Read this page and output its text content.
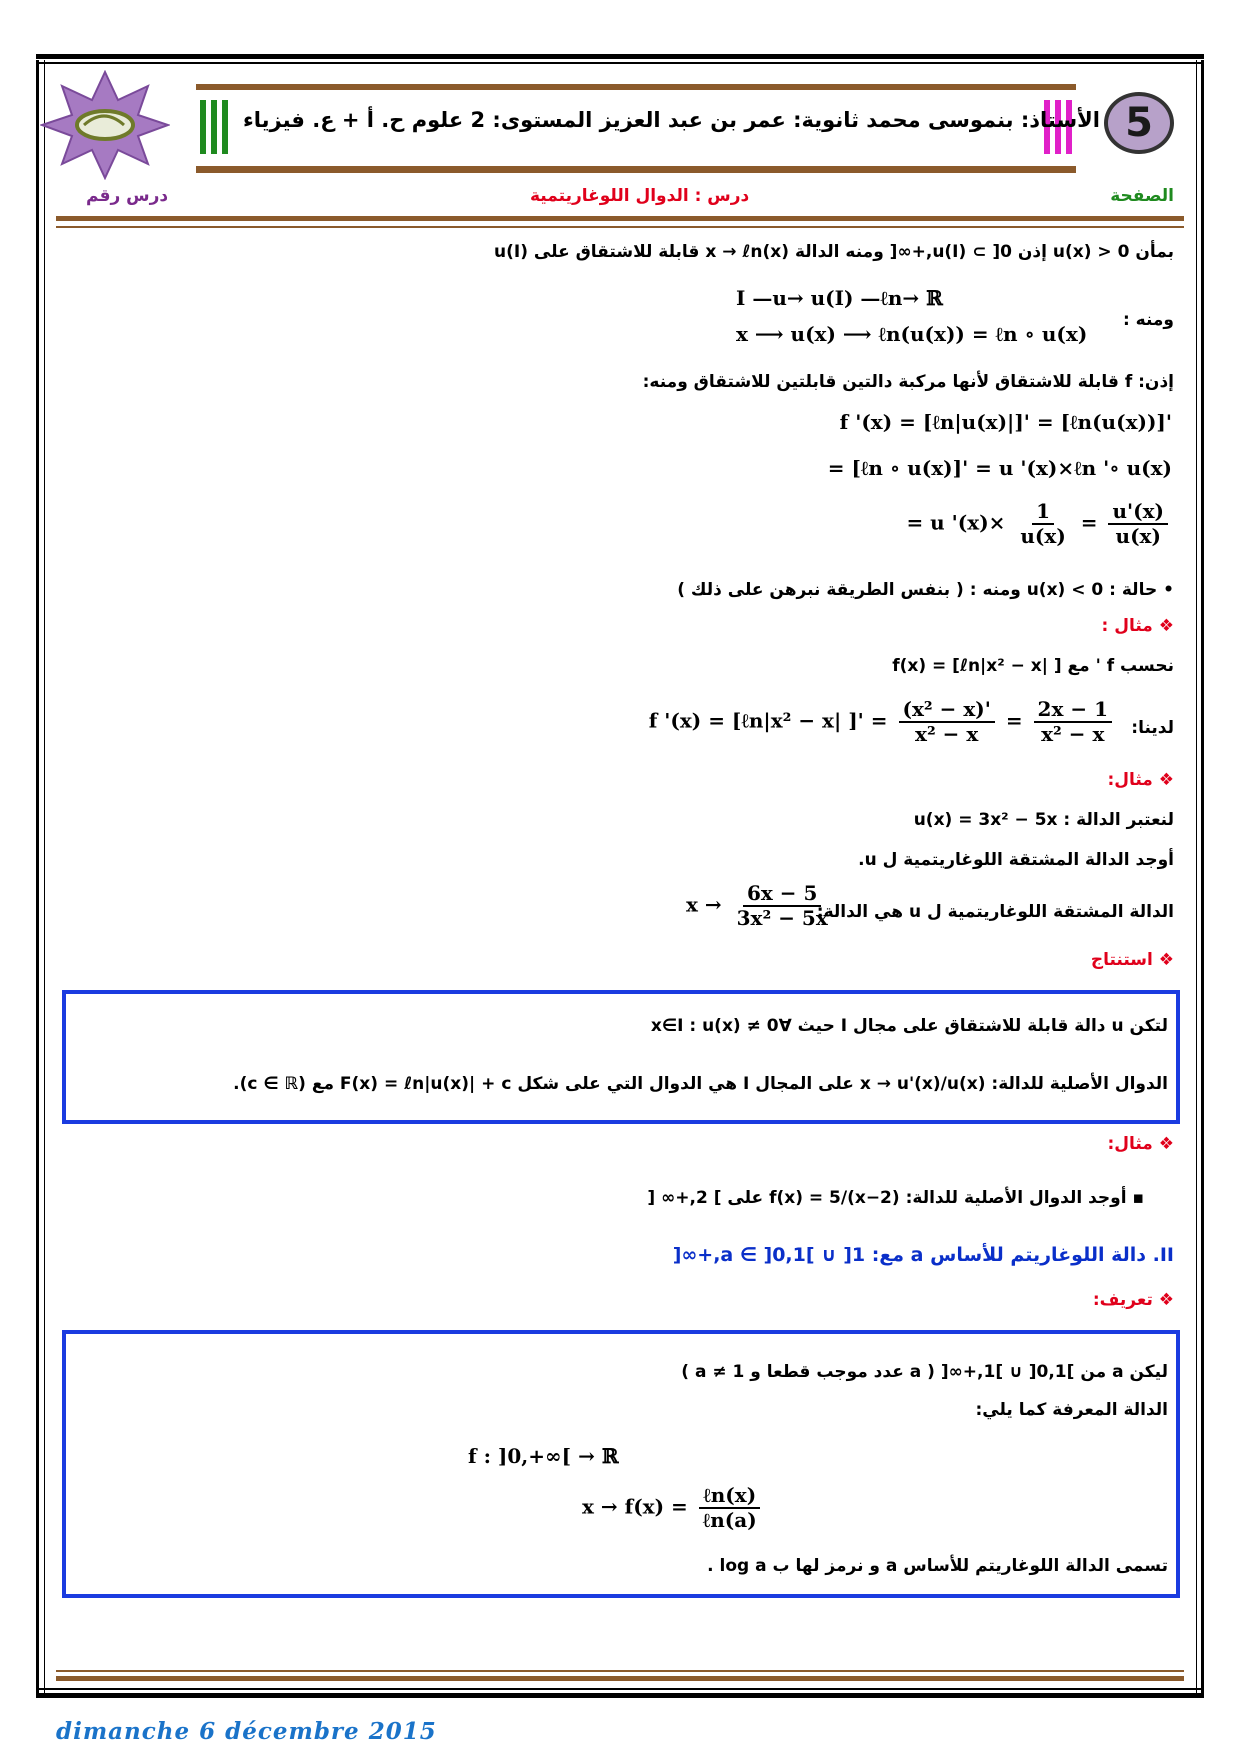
الأستاذ: بنموسى محمد ثانوية: عمر بن عبد العزيز المستوى: 2 علوم ح. أ + ع. فيزياء 5
الصفحة
درس : الدوال اللوغاريتمية
درس رقم
بمأن u(x) > 0 إذن u(I) ⊂ ]0,+∞[ ومنه الدالة x → ℓn(x) قابلة للاشتقاق على u(I)
I —u→ u(I) —ℓn→ ℝ
ومنه :
x ⟶ u(x) ⟶ ℓn(u(x)) = ℓn ∘ u(x)
إذن: f قابلة للاشتقاق لأنها مركبة دالتين قابلتين للاشتقاق ومنه:
f '(x) = [ℓn|u(x)|]' = [ℓn(u(x))]'
= [ℓn ∘ u(x)]' = u '(x)×ℓn '∘ u(x)
= u '$(x)\times \frac{1}{u(x)} = \frac{u'(x)}{u(x)}$
• حالة : u(x) < 0 ومنه : ( بنفس الطريقة نبرهن على ذلك )
❖ مثال :
نحسب f ' مع f(x) = [ℓn|x² − x| ]
لدينا:
f '(x) = [ℓn|x² − x| ]' = $\frac{\text{(x² − x)'}}{\text{x² − x}} = \frac{2x - 1}{\text{x² − x}}$
❖ مثال:
لنعتبر الدالة : u(x) = 3x² − 5x
أوجد الدالة المشتقة اللوغاريتمية ل u.
الدالة المشتقة اللوغاريتمية ل u هي الدالة:
$x \to \frac{6x - 5}{\text{3x² − 5x}}$
❖ استنتاج
لتكن u دالة قابلة للاشتقاق على مجال I حيث ∀x∈I : u(x) ≠ 0
الدوال الأصلية للدالة: x → u'(x)/u(x) على المجال I هي الدوال التي على شكل F(x) = ℓn|u(x)| + c مع (c ∈ ℝ).
❖ مثال:
▪ أوجد الدوال الأصلية للدالة: f(x) = 5/(x−2) على ] 2,+∞ [
II. دالة اللوغاريتم للأساس a مع: a ∈ ]0,1[ ∪ ]1,+∞[
❖ تعريف:
ليكن a من ]0,1[ ∪ ]1,+∞[ ( a عدد موجب قطعا و a ≠ 1 )
الدالة المعرفة كما يلي:
f : ]0,+∞[ → ℝ
$x \to f(x) = \frac{\text{ℓn(x)}}{\text{ℓn(a)}}$
تسمى الدالة اللوغاريتم للأساس a و نرمز لها ب log a .
dimanche 6 décembre 2015
